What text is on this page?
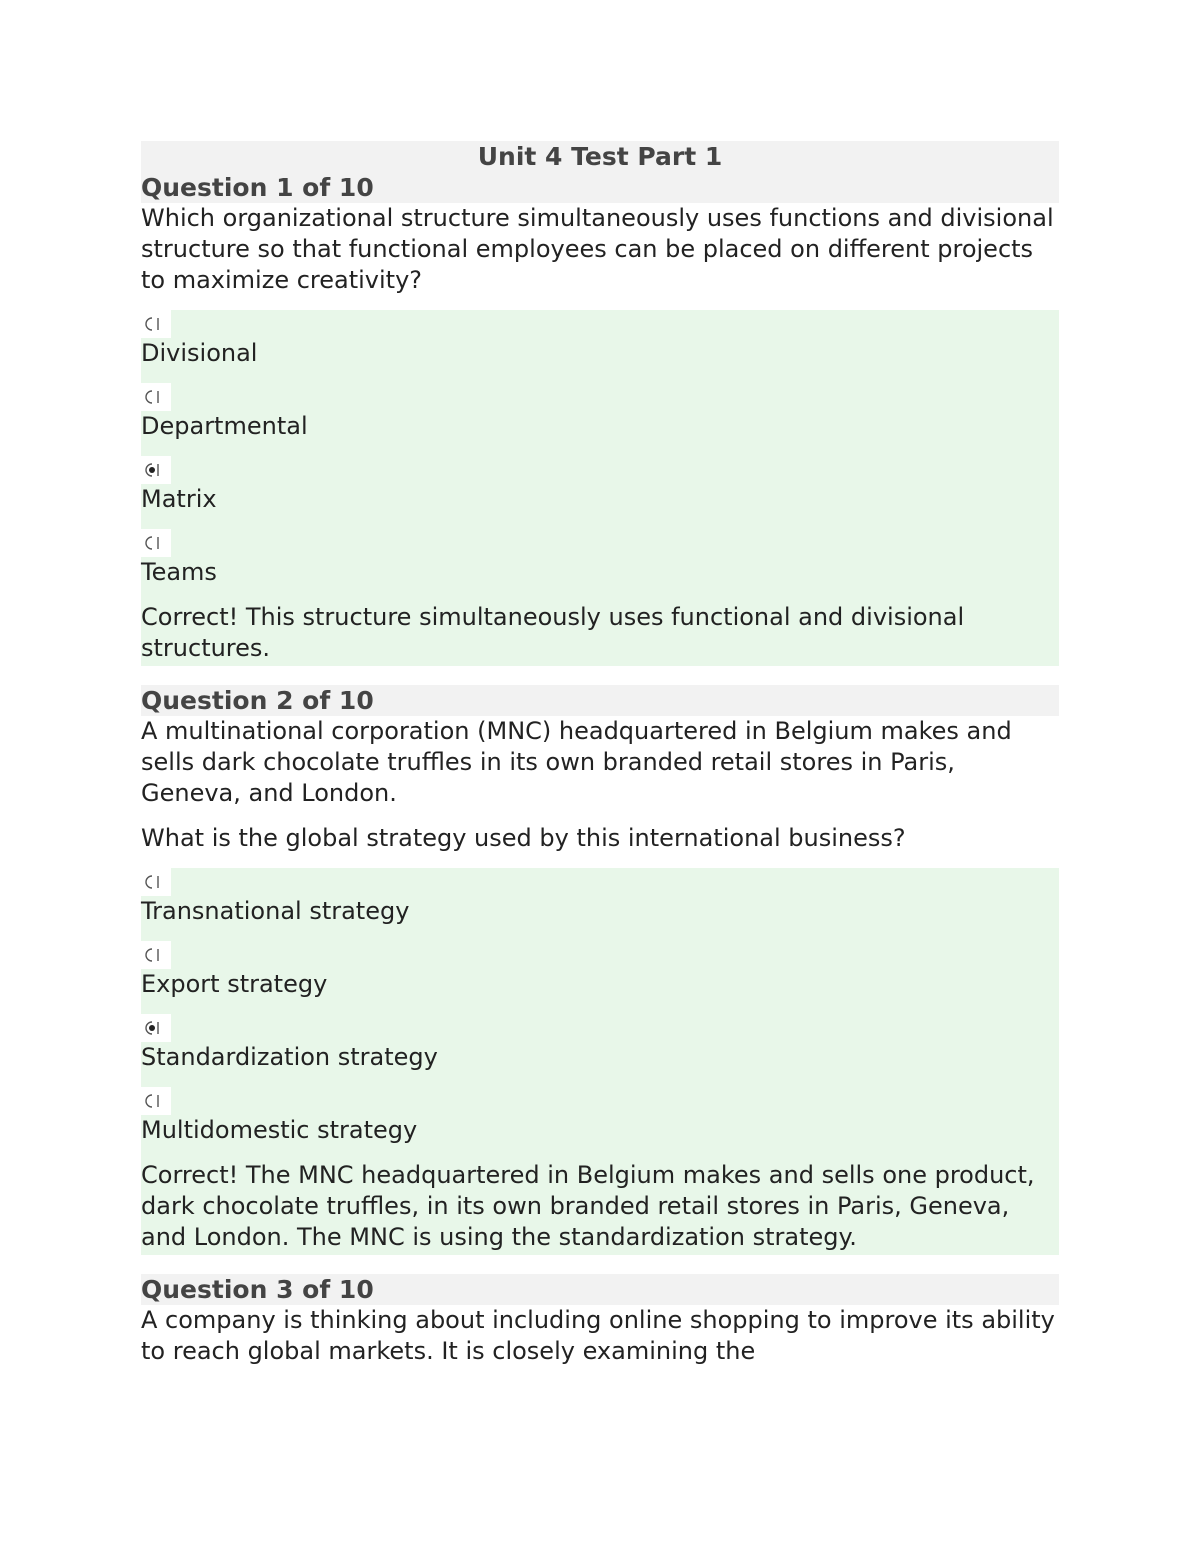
Unit 4 Test Part 1
Question 1 of 10

Which organizational structure simultaneously uses functions and divisional structure so that functional employees can be placed on different projects to maximize creativity?

Divisional
Departmental
Matrix
Teams
Correct! This structure simultaneously uses functional and divisional structures.
Question 2 of 10

A multinational corporation (MNC) headquartered in Belgium makes and sells dark chocolate truffles in its own branded retail stores in Paris, Geneva, and London.

What is the global strategy used by this international business?

Transnational strategy
Export strategy
Standardization strategy
Multidomestic strategy
Correct! The MNC headquartered in Belgium makes and sells one product, dark chocolate truffles, in its own branded retail stores in Paris, Geneva, and London. The MNC is using the standardization strategy.
Question 3 of 10

A company is thinking about including online shopping to improve its ability to reach global markets. It is closely examining the
